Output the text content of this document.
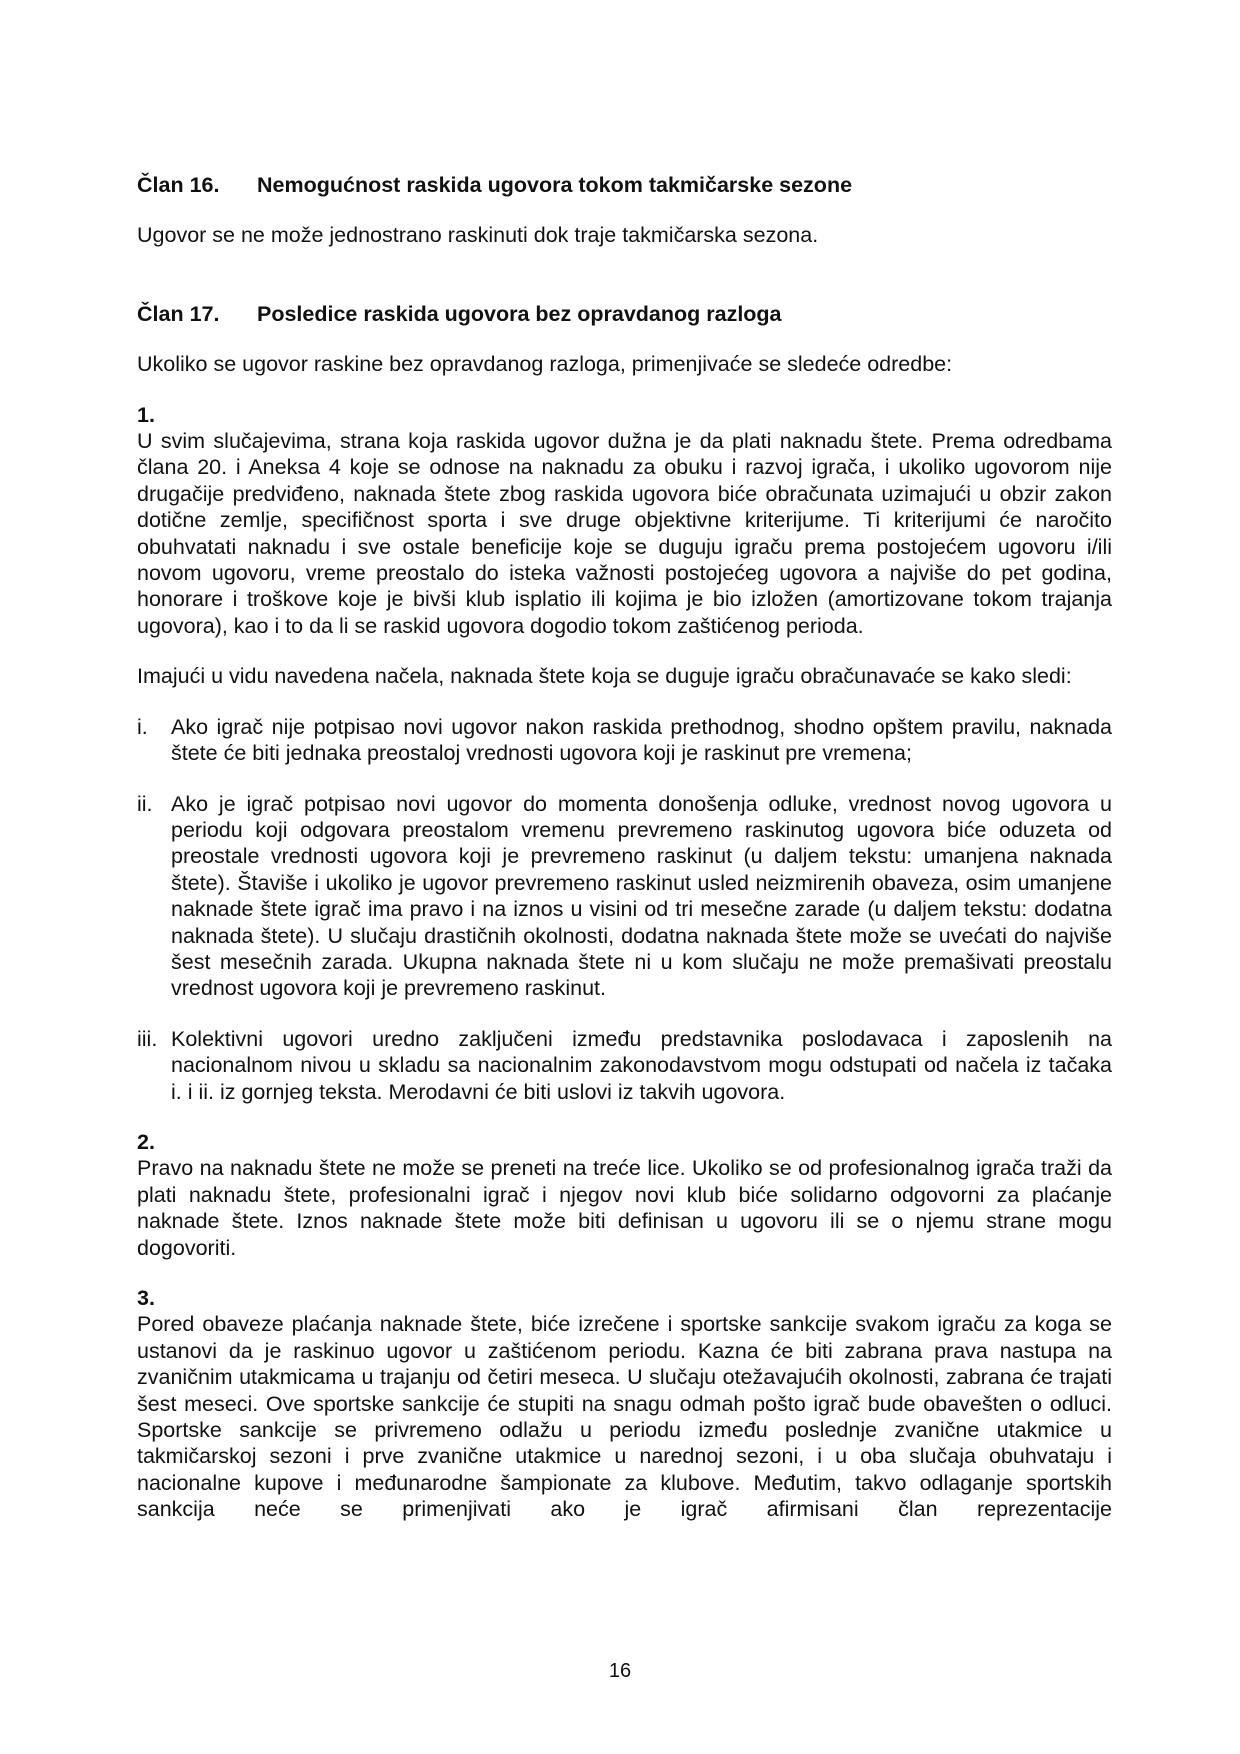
Član 16.	Nemogućnost raskida ugovora tokom takmičarske sezone

Ugovor se ne može jednostrano raskinuti dok traje takmičarska sezona.

Član 17.	Posledice raskida ugovora bez opravdanog razloga

Ukoliko se ugovor raskine bez opravdanog razloga, primenjivaće se sledeće odredbe:

1.

U svim slučajevima, strana koja raskida ugovor dužna je da plati naknadu štete. Prema odredbama člana 20. i Aneksa 4 koje se odnose na naknadu za obuku i razvoj igrača, i ukoliko ugovorom nije drugačije predviđeno, naknada štete zbog raskida ugovora biće obračunata uzimajući u obzir zakon dotične zemlje, specifičnost sporta i sve druge objektivne kriterijume. Ti kriterijumi će naročito obuhvatati naknadu i sve ostale beneficije koje se duguju igraču prema postojećem ugovoru i/ili novom ugovoru, vreme preostalo do isteka važnosti postojećeg ugovora a najviše do pet godina, honorare i troškove koje je bivši klub isplatio ili kojima je bio izložen (amortizovane tokom trajanja ugovora), kao i to da li se raskid ugovora dogodio tokom zaštićenog perioda.

Imajući u vidu navedena načela, naknada štete koja se duguje igraču obračunavaće se kako sledi:

i.	Ako igrač nije potpisao novi ugovor nakon raskida prethodnog, shodno opštem pravilu, naknada štete će biti jednaka preostaloj vrednosti ugovora koji je raskinut pre vremena;
ii. Ako je igrač potpisao novi ugovor do momenta donošenja odluke, vrednost novog ugovora u periodu koji odgovara preostalom vremenu prevremeno raskinutog ugovora biće oduzeta od preostale vrednosti ugovora koji je prevremeno raskinut (u daljem tekstu: umanjena naknada štete). Štaviše i ukoliko je ugovor prevremeno raskinut usled neizmirenih obaveza, osim umanjene naknade štete igrač ima pravo i na iznos u visini od tri mesečne zarade (u daljem tekstu: dodatna naknada štete). U slučaju drastičnih okolnosti, dodatna naknada štete može se uvećati do najviše šest mesečnih zarada. Ukupna naknada štete ni u kom slučaju ne može premašivati preostalu vrednost ugovora koji je prevremeno raskinut.
iii. Kolektivni ugovori uredno zaključeni između predstavnika poslodavaca i zaposlenih na nacionalnom nivou u skladu sa nacionalnim zakonodavstvom mogu odstupati od načela iz tačaka i. i ii. iz gornjeg teksta. Merodavni će biti uslovi iz takvih ugovora.
2.

Pravo na naknadu štete ne može se preneti na treće lice. Ukoliko se od profesionalnog igrača traži da plati naknadu štete, profesionalni igrač i njegov novi klub biće solidarno odgovorni za plaćanje naknade štete. Iznos naknade štete može biti definisan u ugovoru ili se o njemu strane mogu dogovoriti.

3.

Pored obaveze plaćanja naknade štete, biće izrečene i sportske sankcije svakom igraču za koga se ustanovi da je raskinuo ugovor u zaštićenom periodu. Kazna će biti zabrana prava nastupa na zvaničnim utakmicama u trajanju od četiri meseca. U slučaju otežavajućih okolnosti, zabrana će trajati šest meseci. Ove sportske sankcije će stupiti na snagu odmah pošto igrač bude obavešten o odluci. Sportske sankcije se privremeno odlažu u periodu između poslednje zvanične utakmice u takmičarskoj sezoni i prve zvanične utakmice u narednoj sezoni, i u oba slučaja obuhvataju i nacionalne kupove i međunarodne šampionate za klubove. Međutim, takvo odlaganje sportskih sankcija neće se primenjivati ako je igrač afirmisani član reprezentacije

16
